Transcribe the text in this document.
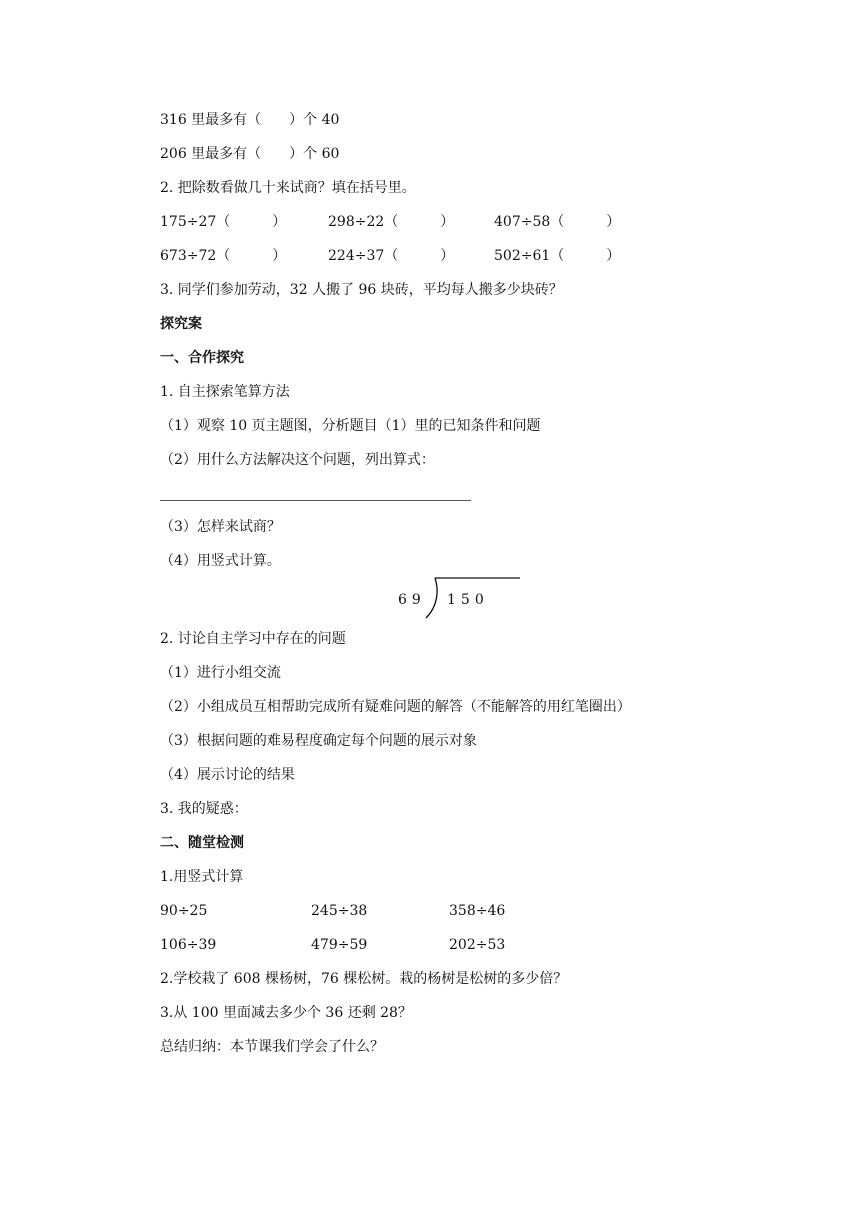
316 里最多有（　　）个 40
206 里最多有（　　）个 60
2. 把除数看做几十来试商？填在括号里。
175÷27（　　　）	298÷22（　　　）	407÷58（　　　）
673÷72（　　　）	224÷37（　　　）	502÷61（　　　）
3. 同学们参加劳动，32 人搬了 96 块砖，平均每人搬多少块砖？
探究案
一、合作探究
1. 自主探索笔算方法
（1）观察 10 页主题图，分析题目（1）里的已知条件和问题
（2）用什么方法解决这个问题，列出算式：
（3）怎样来试商？
（4）用竖式计算。
69 150
2. 讨论自主学习中存在的问题
（1）进行小组交流
（2）小组成员互相帮助完成所有疑难问题的解答（不能解答的用红笔圈出）
（3）根据问题的难易程度确定每个问题的展示对象
（4）展示讨论的结果
3. 我的疑惑：
二、随堂检测
1.用竖式计算
90÷25	245÷38	358÷46
106÷39	479÷59	202÷53
2.学校栽了 608 棵杨树，76 棵松树。栽的杨树是松树的多少倍？
3.从 100 里面减去多少个 36 还剩 28？
总结归纳：本节课我们学会了什么？
